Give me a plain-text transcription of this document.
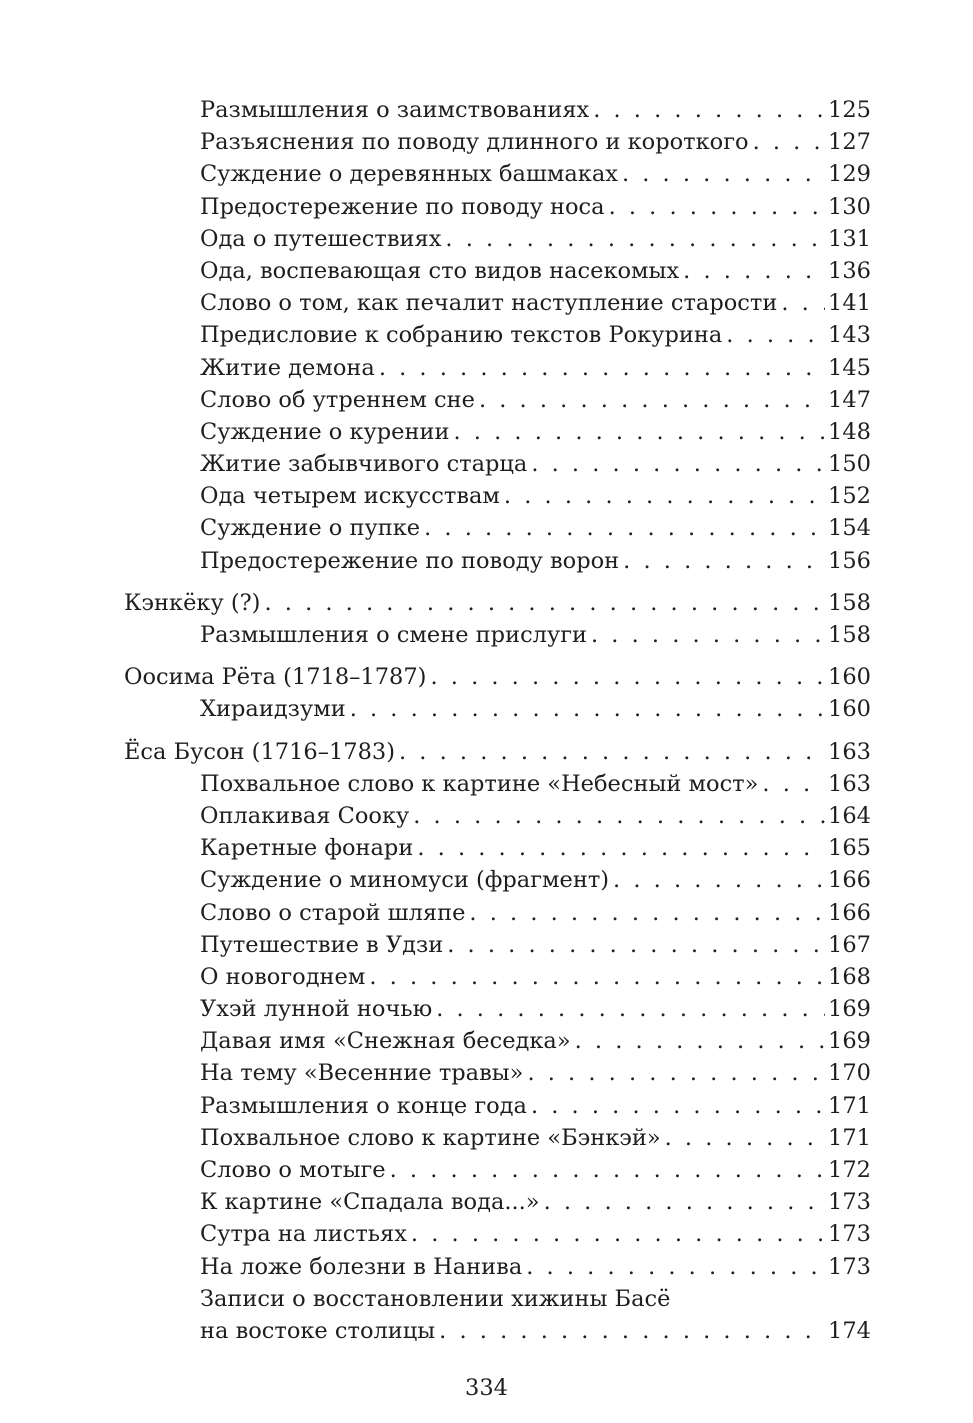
Размышления о заимствованиях . . .	125
Разъяснения по поводу длинного и короткого . . .	127
Суждение о деревянных башмаках . . .	129
Предостережение по поводу носа . . .	130
Ода о путешествиях . . .	131
Ода, воспевающая сто видов насекомых . . .	136
Слово о том, как печалит наступление старости . . . 141
Предисловие к собранию текстов Рокурина . . .	143
Житие демона . . .	145
Слово об утреннем сне . . .	147
Суждение о курении . . .	148
Житие забывчивого старца . . .	150
Ода четырем искусствам . . .	152
Суждение о пупке . . .	154
Предостережение по поводу ворон . . .	156
Кэнкёку (?) . . .	158
Размышления о смене прислуги . . .	158
Оосима Рёта (1718–1787) . . .	160
Хираидзуми . . .	160
Ёса Бусон (1716–1783) . . .	163
Похвальное слово к картине «Небесный мост» . . .	163
Оплакивая Сооку . . .	164
Каретные фонари . . .	165
Суждение о миномуси (фрагмент) . . .	166
Слово о старой шляпе . . .	166
Путешествие в Удзи . . .	167
О новогоднем . . .	168
Ухэй лунной ночью . . .	169
Давая имя «Снежная беседка» . . .	169
На тему «Весенние травы» . . .	170
Размышления о конце года . . .	171
Похвальное слово к картине «Бэнкэй» . . .	171
Слово о мотыге . . .	172
К картине «Спадала вода...» . . .	173
Сутра на листьях . . .	173
На ложе болезни в Нанива . . .	173
Записи о восстановлении хижины Басё
на востоке столицы . . .	174
334
